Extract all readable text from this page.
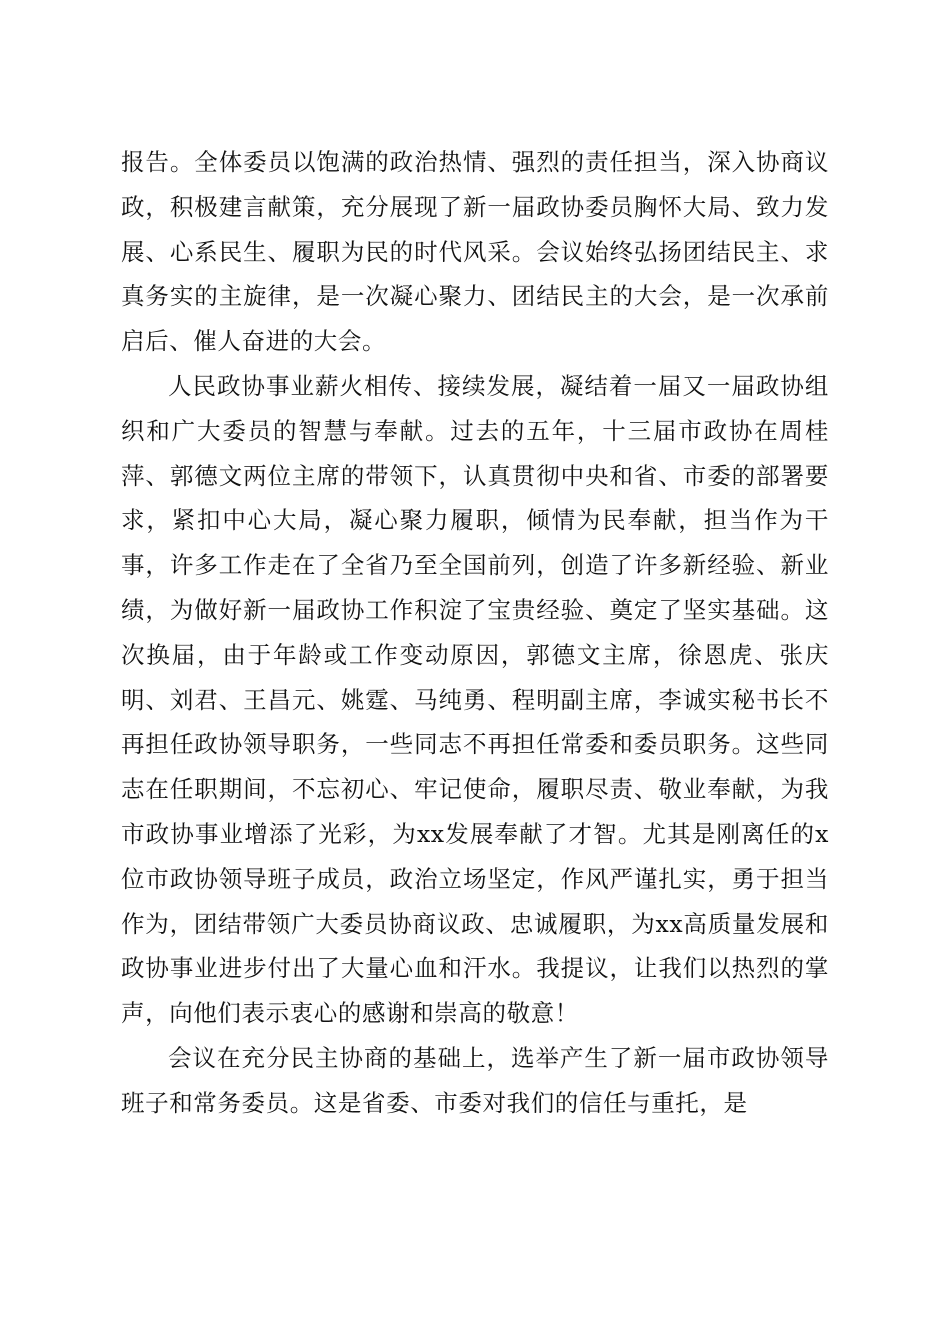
报告。全体委员以饱满的政治热情、强烈的责任担当，深入协商议政，积极建言献策，充分展现了新一届政协委员胸怀大局、致力发展、心系民生、履职为民的时代风采。会议始终弘扬团结民主、求真务实的主旋律，是一次凝心聚力、团结民主的大会，是一次承前启后、催人奋进的大会。

人民政协事业薪火相传、接续发展，凝结着一届又一届政协组织和广大委员的智慧与奉献。过去的五年，十三届市政协在周桂萍、郭德文两位主席的带领下，认真贯彻中央和省、市委的部署要求，紧扣中心大局，凝心聚力履职，倾情为民奉献，担当作为干事，许多工作走在了全省乃至全国前列，创造了许多新经验、新业绩，为做好新一届政协工作积淀了宝贵经验、奠定了坚实基础。这次换届，由于年龄或工作变动原因，郭德文主席，徐恩虎、张庆明、刘君、王昌元、姚霆、马纯勇、程明副主席，李诚实秘书长不再担任政协领导职务，一些同志不再担任常委和委员职务。这些同志在任职期间，不忘初心、牢记使命，履职尽责、敬业奉献，为我市政协事业增添了光彩，为xx发展奉献了才智。尤其是刚离任的x位市政协领导班子成员，政治立场坚定，作风严谨扎实，勇于担当作为，团结带领广大委员协商议政、忠诚履职，为xx高质量发展和政协事业进步付出了大量心血和汗水。我提议，让我们以热烈的掌声，向他们表示衷心的感谢和崇高的敬意！

会议在充分民主协商的基础上，选举产生了新一届市政协领导班子和常务委员。这是省委、市委对我们的信任与重托，是
